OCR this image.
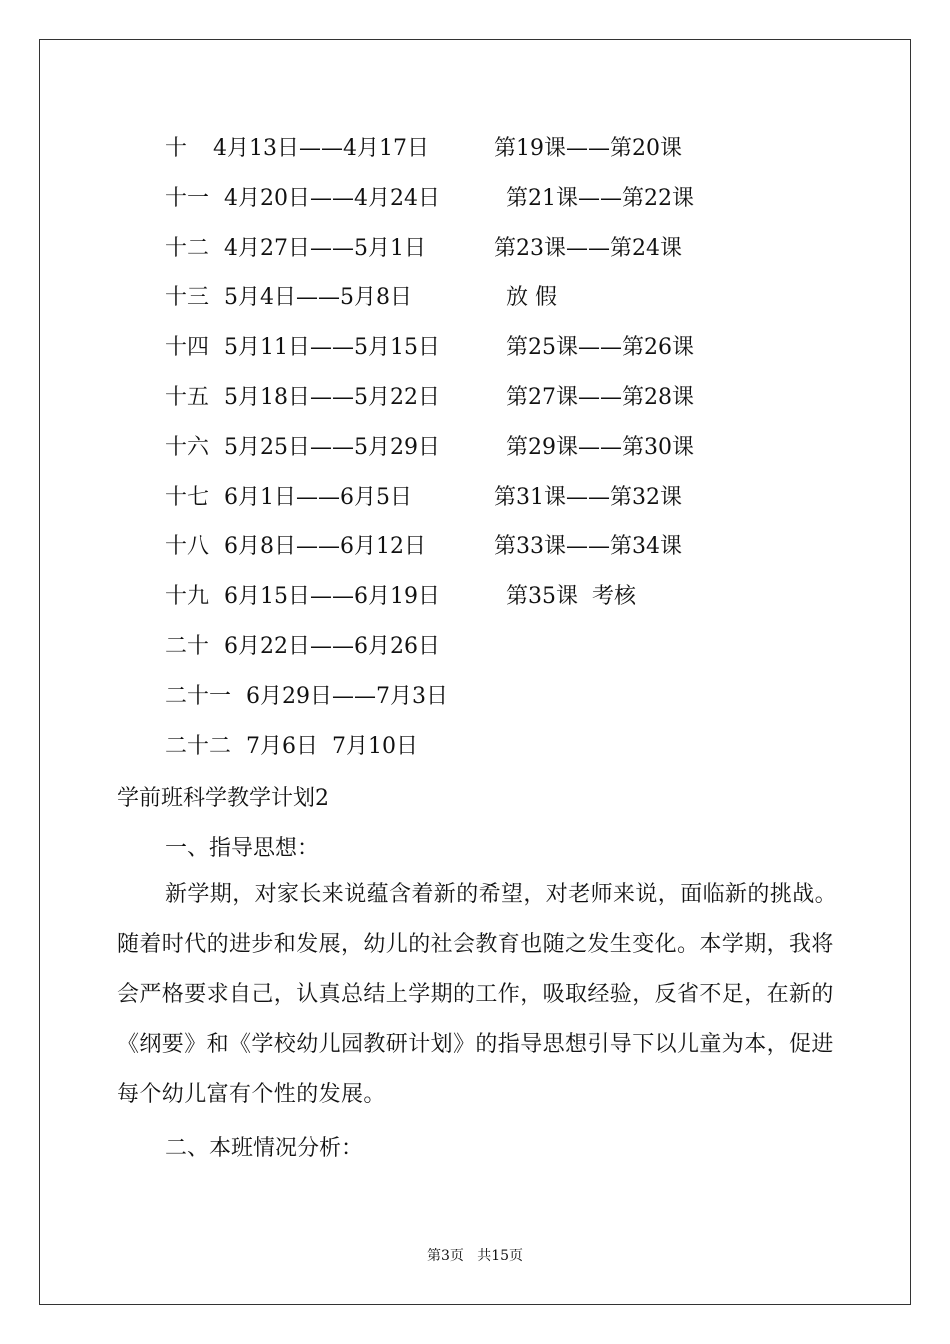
十 4月13日——4月17日	第19课——第20课
十一 4月20日——4月24日	第21课——第22课
十二 4月27日——5月1日	第23课——第24课
十三 5月4日——5月8日	放 假
十四 5月11日——5月15日	第25课——第26课
十五 5月18日——5月22日	第27课——第28课
十六 5月25日——5月29日	第29课——第30课
十七 6月1日——6月5日	第31课——第32课
十八 6月8日——6月12日	第33课——第34课
十九 6月15日——6月19日	第35课  考核
二十 6月22日——6月26日
二十一 6月29日——7月3日
二十二 7月6日  7月10日
学前班科学教学计划2
一、指导思想：
新学期，对家长来说蕴含着新的希望，对老师来说，面临新的挑战。随着时代的进步和发展，幼儿的社会教育也随之发生变化。本学期，我将会严格要求自己，认真总结上学期的工作，吸取经验，反省不足，在新的《纲要》和《学校幼儿园教研计划》的指导思想引导下以儿童为本，促进每个幼儿富有个性的发展。
二、本班情况分析：
第3页   共15页
